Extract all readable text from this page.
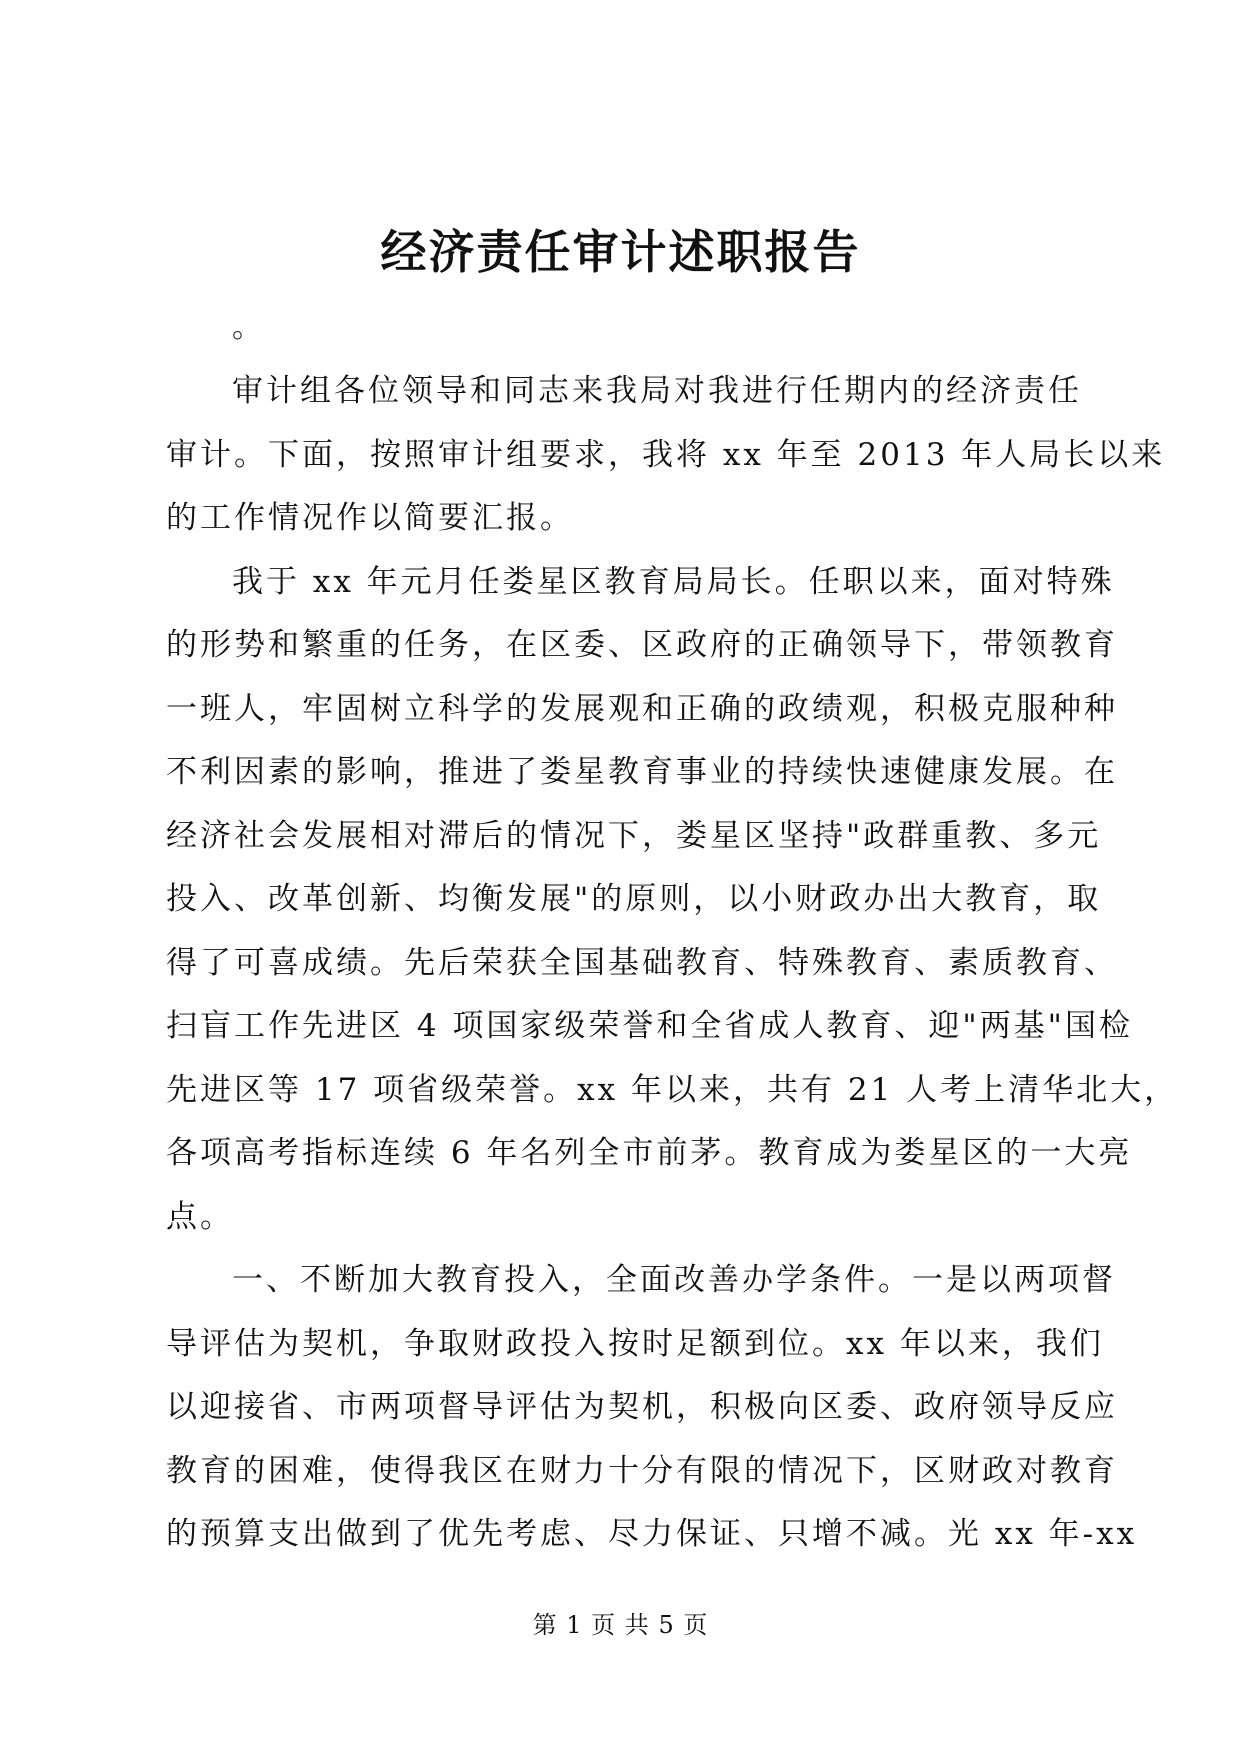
经济责任审计述职报告
。
审计组各位领导和同志来我局对我进行任期内的经济责任
审计。下面，按照审计组要求，我将 xx 年至 2013 年人局长以来
的工作情况作以简要汇报。
我于 xx 年元月任娄星区教育局局长。任职以来，面对特殊
的形势和繁重的任务，在区委、区政府的正确领导下，带领教育
一班人，牢固树立科学的发展观和正确的政绩观，积极克服种种
不利因素的影响，推进了娄星教育事业的持续快速健康发展。在
经济社会发展相对滞后的情况下，娄星区坚持"政群重教、多元
投入、改革创新、均衡发展"的原则，以小财政办出大教育，取
得了可喜成绩。先后荣获全国基础教育、特殊教育、素质教育、
扫盲工作先进区 4 项国家级荣誉和全省成人教育、迎"两基"国检
先进区等 17 项省级荣誉。xx 年以来，共有 21 人考上清华北大，
各项高考指标连续 6 年名列全市前茅。教育成为娄星区的一大亮
点。
一、不断加大教育投入，全面改善办学条件。一是以两项督
导评估为契机，争取财政投入按时足额到位。xx 年以来，我们
以迎接省、市两项督导评估为契机，积极向区委、政府领导反应
教育的困难，使得我区在财力十分有限的情况下，区财政对教育
的预算支出做到了优先考虑、尽力保证、只增不减。光 xx 年-xx
第 1 页 共 5 页
